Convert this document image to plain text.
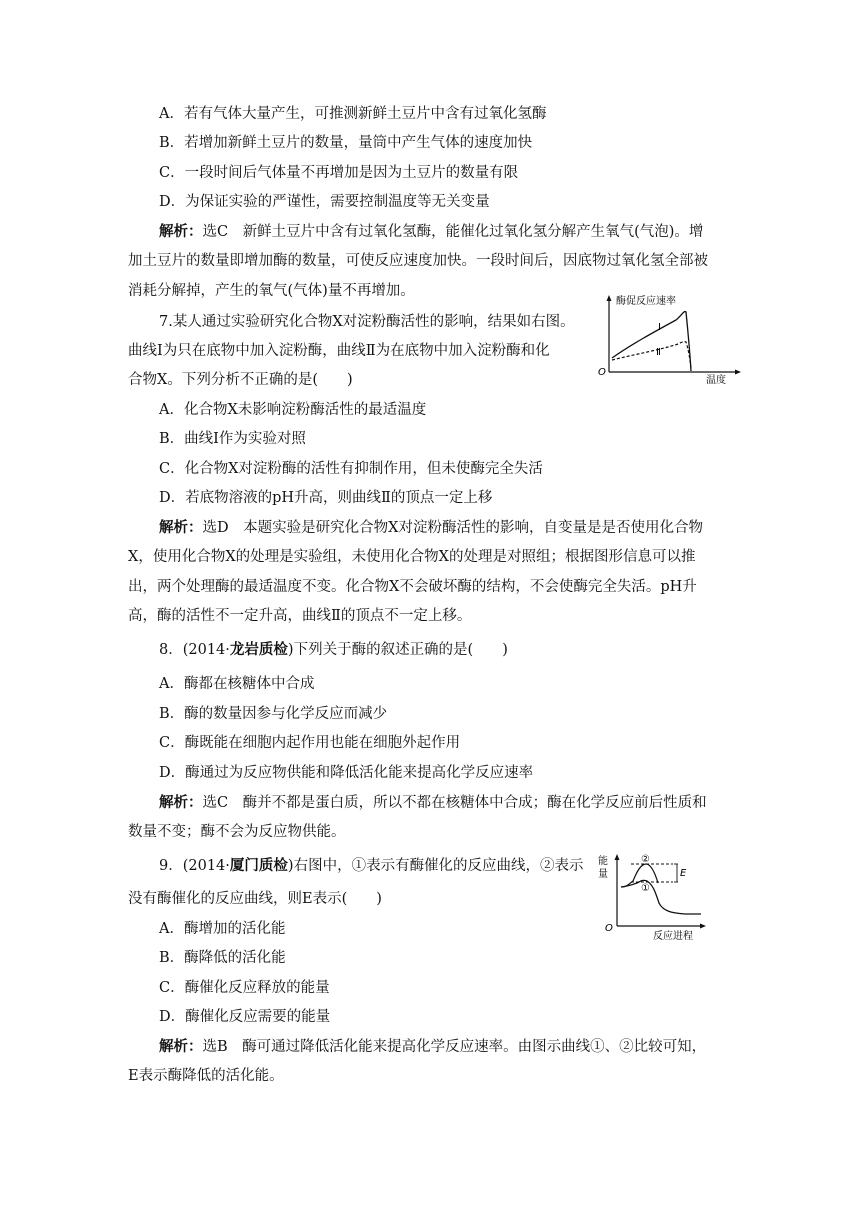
A．若有气体大量产生，可推测新鲜土豆片中含有过氧化氢酶
B．若增加新鲜土豆片的数量，量筒中产生气体的速度加快
C．一段时间后气体量不再增加是因为土豆片的数量有限
D．为保证实验的严谨性，需要控制温度等无关变量
解析：选C　新鲜土豆片中含有过氧化氢酶，能催化过氧化氢分解产生氧气(气泡)。增
加土豆片的数量即增加酶的数量，可使反应速度加快。一段时间后，因底物过氧化氢全部被
消耗分解掉，产生的氧气(气体)量不再增加。
7.某人通过实验研究化合物X对淀粉酶活性的影响，结果如右图。
曲线Ⅰ为只在底物中加入淀粉酶，曲线Ⅱ为在底物中加入淀粉酶和化
合物X。下列分析不正确的是(　　)
酶促反应速率
O
温度
Ⅰ
Ⅱ
A．化合物X未影响淀粉酶活性的最适温度
B．曲线Ⅰ作为实验对照
C．化合物X对淀粉酶的活性有抑制作用，但未使酶完全失活
D．若底物溶液的pH升高，则曲线Ⅱ的顶点一定上移
解析：选D　本题实验是研究化合物X对淀粉酶活性的影响，自变量是是否使用化合物
X，使用化合物X的处理是实验组，未使用化合物X的处理是对照组；根据图形信息可以推
出，两个处理酶的最适温度不变。化合物X不会破坏酶的结构，不会使酶完全失活。pH升
高，酶的活性不一定升高，曲线Ⅱ的顶点不一定上移。
8．(2014·龙岩质检)下列关于酶的叙述正确的是(　　)
A．酶都在核糖体中合成
B．酶的数量因参与化学反应而减少
C．酶既能在细胞内起作用也能在细胞外起作用
D．酶通过为反应物供能和降低活化能来提高化学反应速率
解析：选C　酶并不都是蛋白质，所以不都在核糖体中合成；酶在化学反应前后性质和
数量不变；酶不会为反应物供能。
9．(2014·厦门质检)右图中，①表示有酶催化的反应曲线，②表示
没有酶催化的反应曲线，则E表示(　　)
能
量
O
反应进程
②
①
E
A．酶增加的活化能
B．酶降低的活化能
C．酶催化反应释放的能量
D．酶催化反应需要的能量
解析：选B　酶可通过降低活化能来提高化学反应速率。由图示曲线①、②比较可知，
E表示酶降低的活化能。
